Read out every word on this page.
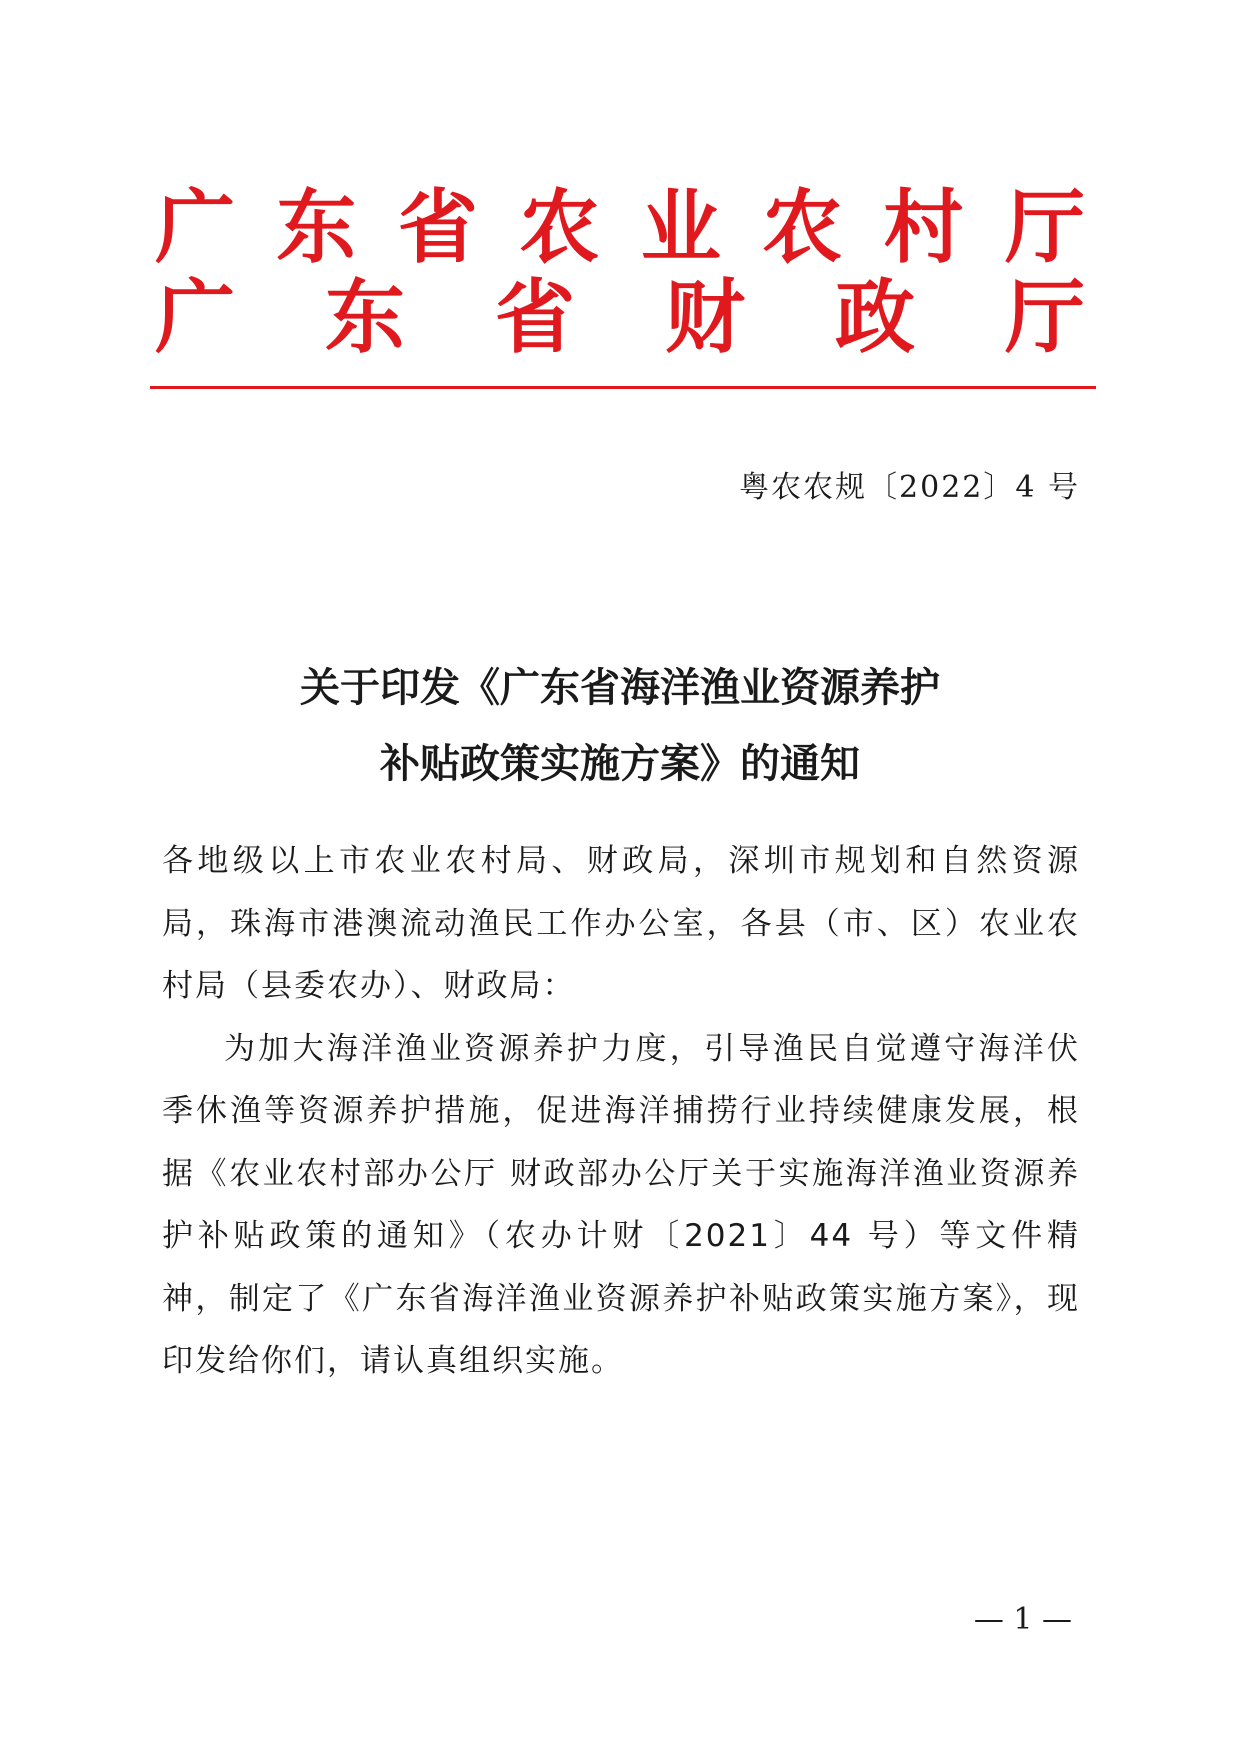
广 东 省 农 业 农 村 厅
广 东 省 财 政 厅
粤农农规〔2022〕4 号
关于印发《广东省海洋渔业资源养护
补贴政策实施方案》的通知

各地级以上市农业农村局、财政局，深圳市规划和自然资源局，珠海市港澳流动渔民工作办公室，各县（市、区）农业农村局（县委农办）、财政局：

为加大海洋渔业资源养护力度，引导渔民自觉遵守海洋伏季休渔等资源养护措施，促进海洋捕捞行业持续健康发展，根据《农业农村部办公厅 财政部办公厅关于实施海洋渔业资源养护补贴政策的通知》（农办计财〔2021〕44 号）等文件精神，制定了《广东省海洋渔业资源养护补贴政策实施方案》，现印发给你们，请认真组织实施。

— 1 —
